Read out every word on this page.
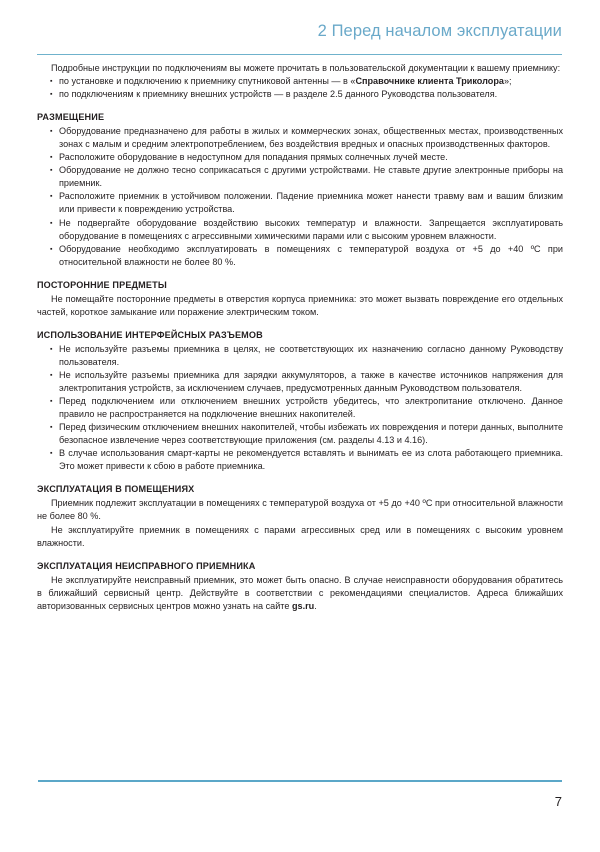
2 Перед началом эксплуатации

Подробные инструкции по подключениям вы можете прочитать в пользовательской документации к вашему приемнику:

▪ по установке и подключению к приемнику спутниковой антенны — в «Справочнике клиента Триколора»;
▪ по подключениям к приемнику внешних устройств — в разделе 2.5 данного Руководства пользователя.
РАЗМЕЩЕНИЕ
▪ Оборудование предназначено для работы в жилых и коммерческих зонах, общественных местах, производственных зонах с малым и средним электропотреблением, без воздействия вредных и опасных производственных факторов.
▪ Расположите оборудование в недоступном для попадания прямых солнечных лучей месте.
▪ Оборудование не должно тесно соприкасаться с другими устройствами. Не ставьте другие электронные приборы на приемник.
▪ Расположите приемник в устойчивом положении. Падение приемника может нанести травму вам и вашим близким или привести к повреждению устройства.
▪ Не подвергайте оборудование воздействию высоких температур и влажности. Запрещается эксплуатировать оборудование в помещениях с агрессивными химическими парами или с высоким уровнем влажности.
▪ Оборудование необходимо эксплуатировать в помещениях с температурой воздуха от +5 до +40 ºC при относительной влажности не более 80 %.
ПОСТОРОННИЕ ПРЕДМЕТЫ

Не помещайте посторонние предметы в отверстия корпуса приемника: это может вызвать повреждение его отдельных частей, короткое замыкание или поражение электрическим током.

ИСПОЛЬЗОВАНИЕ ИНТЕРФЕЙСНЫХ РАЗЪЕМОВ
▪ Не используйте разъемы приемника в целях, не соответствующих их назначению согласно данному Руководству пользователя.
▪ Не используйте разъемы приемника для зарядки аккумуляторов, а также в качестве источников напряжения для электропитания устройств, за исключением случаев, предусмотренных данным Руководством пользователя.
▪ Перед подключением или отключением внешних устройств убедитесь, что электропитание отключено. Данное правило не распространяется на подключение внешних накопителей.
▪ Перед физическим отключением внешних накопителей, чтобы избежать их повреждения и потери данных, выполните безопасное извлечение через соответствующие приложения (см. разделы 4.13 и 4.16).
▪ В случае использования смарт-карты не рекомендуется вставлять и вынимать ее из слота работающего приемника. Это может привести к сбою в работе приемника.
ЭКСПЛУАТАЦИЯ В ПОМЕЩЕНИЯХ

Приемник подлежит эксплуатации в помещениях с температурой воздуха от +5 до +40 ºC при относительной влажности не более 80 %.

Не эксплуатируйте приемник в помещениях с парами агрессивных сред или в помещениях с высоким уровнем влажности.

ЭКСПЛУАТАЦИЯ НЕИСПРАВНОГО ПРИЕМНИКА

Не эксплуатируйте неисправный приемник, это может быть опасно. В случае неисправности оборудования обратитесь в ближайший сервисный центр. Действуйте в соответствии с рекомендациями специалистов. Адреса ближайших авторизованных сервисных центров можно узнать на сайте gs.ru.

7
